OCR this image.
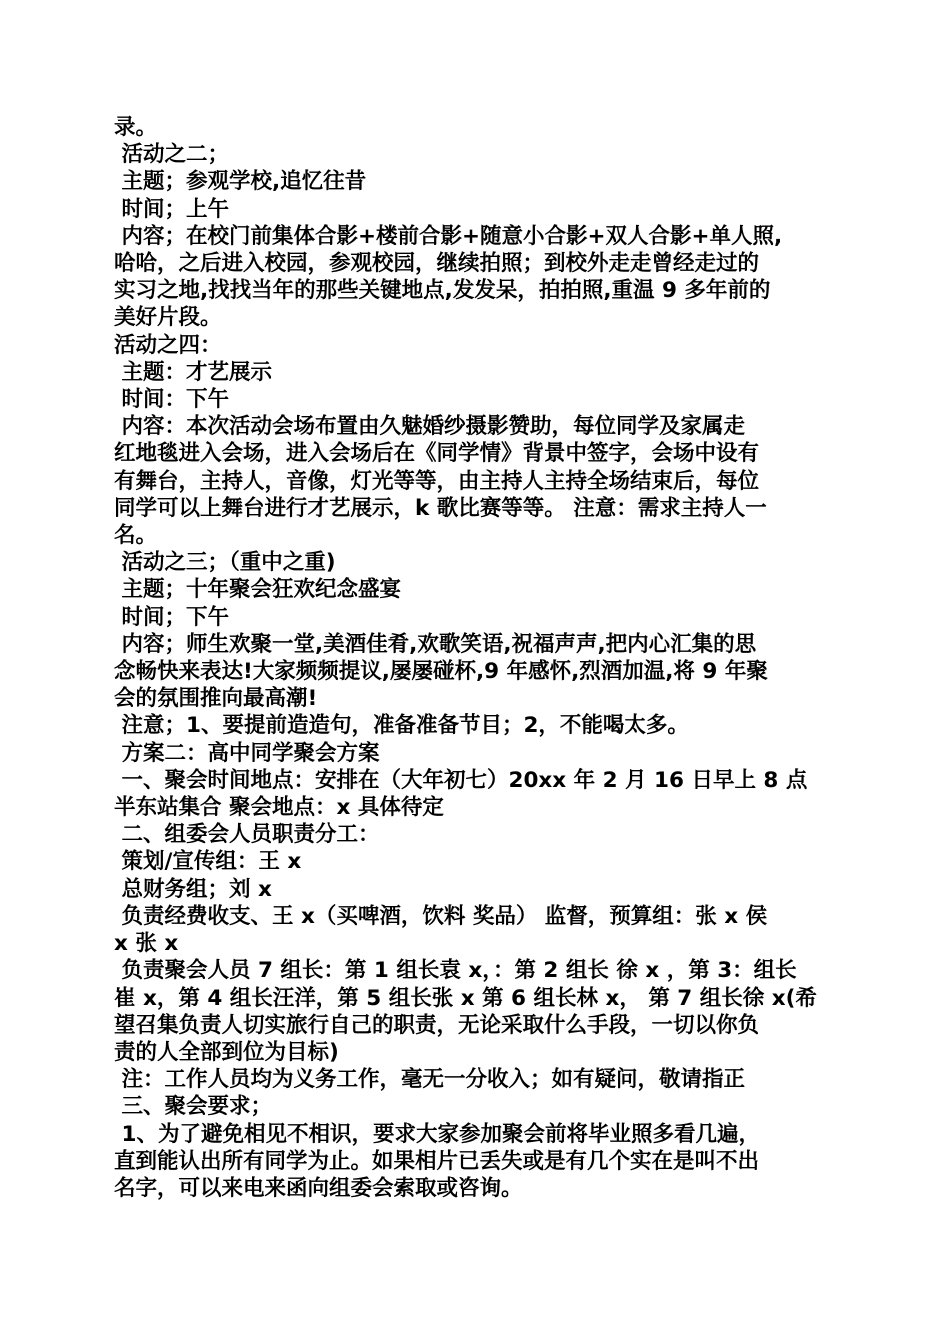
录。
活动之二；
主题；参观学校,追忆往昔
时间；上午
内容；在校门前集体合影+楼前合影+随意小合影+双人合影+单人照,
哈哈，之后进入校园，参观校园，继续拍照；到校外走走曾经走过的
实习之地,找找当年的那些关键地点,发发呆，拍拍照,重温 9 多年前的
美好片段。
活动之四：
主题：才艺展示
时间：下午
内容：本次活动会场布置由久魅婚纱摄影赞助，每位同学及家属走
红地毯进入会场，进入会场后在《同学情》背景中签字，会场中设有
有舞台，主持人，音像，灯光等等，由主持人主持全场结束后，每位
同学可以上舞台进行才艺展示，k 歌比赛等等。 注意：需求主持人一
名。
活动之三；（重中之重)
主题；十年聚会狂欢纪念盛宴
时间；下午
内容；师生欢聚一堂,美酒佳肴,欢歌笑语,祝福声声,把内心汇集的思
念畅快来表达!大家频频提议,屡屡碰杯,9 年感怀,烈酒加温,将 9 年聚
会的氛围推向最高潮!
注意；1、要提前造造句，准备准备节目；2，不能喝太多。
方案二：高中同学聚会方案
一、聚会时间地点：安排在（大年初七）20xx 年 2 月 16 日早上 8 点
半东站集合 聚会地点：x 具体待定
二、组委会人员职责分工：
策划/宣传组：王 x
总财务组；刘 x
负责经费收支、王 x（买啤酒，饮料 奖品） 监督，预算组：张 x 侯
x 张 x
负责聚会人员 7 组长：第 1 组长袁 x，：第 2 组长 徐 x ，第 3：组长
崔 x，第 4 组长汪洋，第 5 组长张 x 第 6 组长林 x， 第 7 组长徐 x(希
望召集负责人切实旅行自己的职责，无论采取什么手段，一切以你负
责的人全部到位为目标)
注：工作人员均为义务工作，毫无一分收入；如有疑问，敬请指正
三、聚会要求；
1、为了避免相见不相识，要求大家参加聚会前将毕业照多看几遍，
直到能认出所有同学为止。如果相片已丢失或是有几个实在是叫不出
名字，可以来电来函向组委会索取或咨询。
